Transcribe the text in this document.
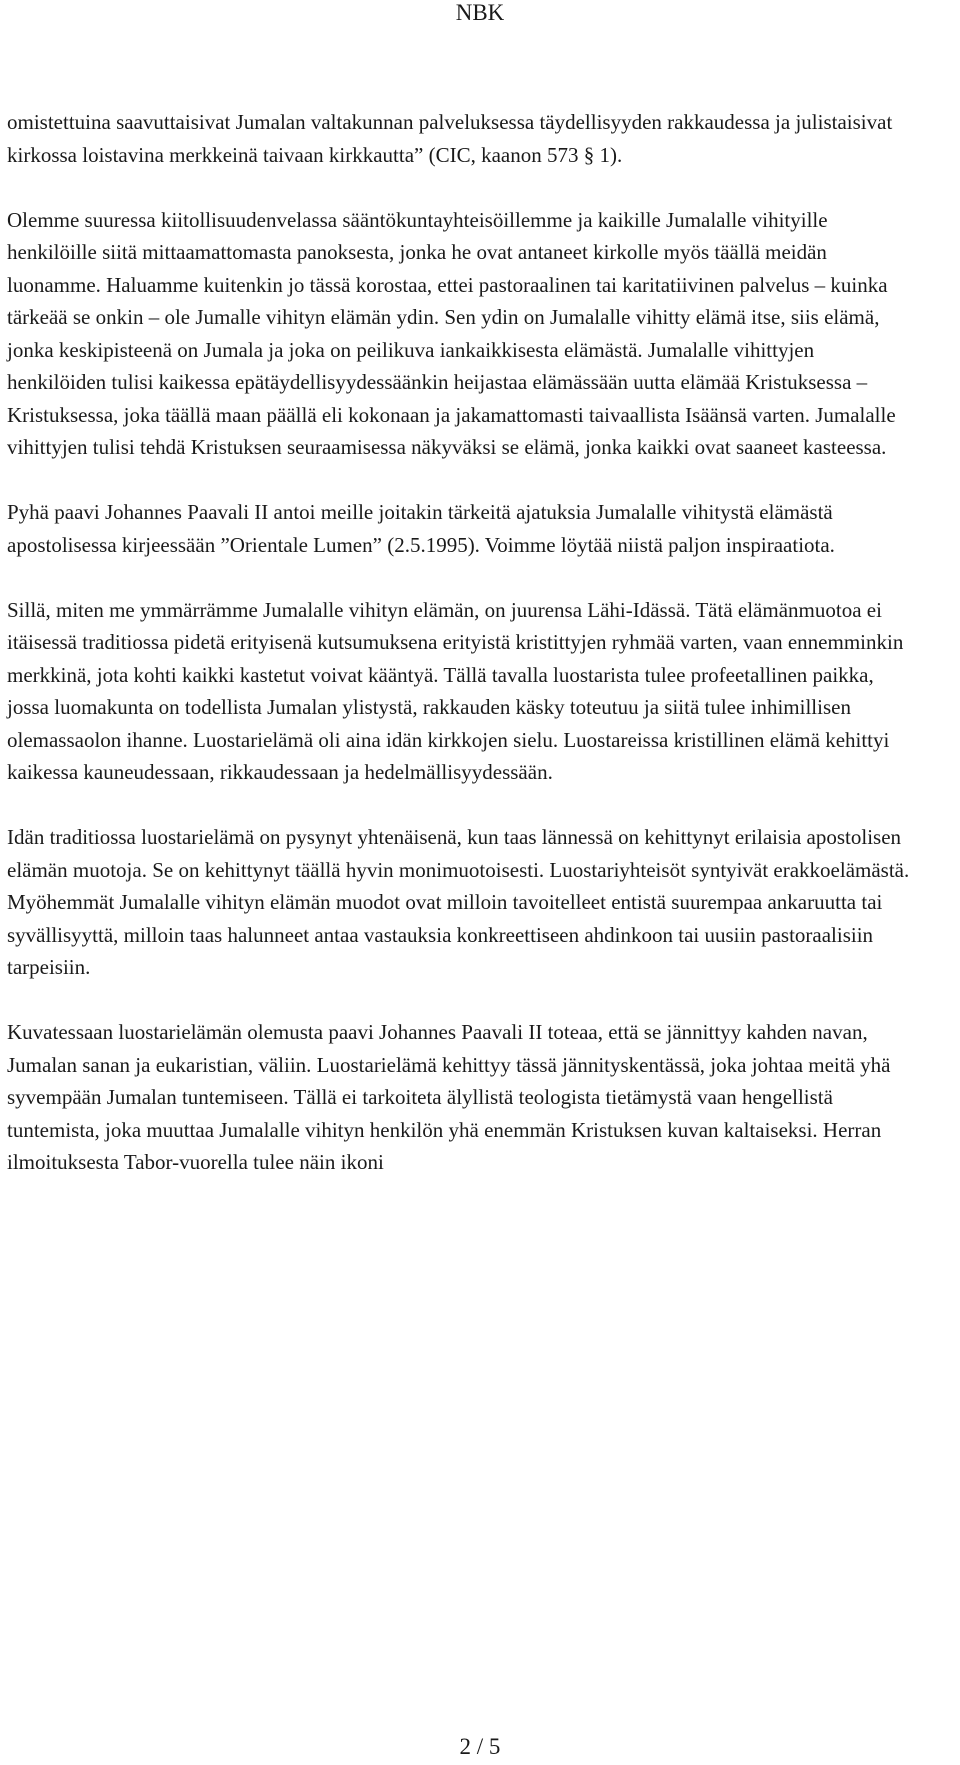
NBK

omistettuina saavuttaisivat Jumalan valtakunnan palveluksessa täydellisyyden rakkaudessa ja julistaisivat kirkossa loistavina merkkeinä taivaan kirkkautta” (CIC, kaanon 573 § 1).

Olemme suuressa kiitollisuudenvelassa sääntökuntayhteisöillemme ja kaikille Jumalalle vihityille henkilöille siitä mittaamattomasta panoksesta, jonka he ovat antaneet kirkolle myös täällä meidän luonamme. Haluamme kuitenkin jo tässä korostaa, ettei pastoraalinen tai karitatiivinen palvelus – kuinka tärkeää se onkin – ole Jumalle vihityn elämän ydin. Sen ydin on Jumalalle vihitty elämä itse, siis elämä, jonka keskipisteenä on Jumala ja joka on peilikuva iankaikkisesta elämästä. Jumalalle vihittyjen henkilöiden tulisi kaikessa epätäydellisyydessäänkin heijastaa elämässään uutta elämää Kristuksessa – Kristuksessa, joka täällä maan päällä eli kokonaan ja jakamattomasti taivaallista Isäänsä varten. Jumalalle vihittyjen tulisi tehdä Kristuksen seuraamisessa näkyväksi se elämä, jonka kaikki ovat saaneet kasteessa.

Pyhä paavi Johannes Paavali II antoi meille joitakin tärkeitä ajatuksia Jumalalle vihitystä elämästä apostolisessa kirjeessään ”Orientale Lumen” (2.5.1995). Voimme löytää niistä paljon inspiraatiota.

Sillä, miten me ymmärrämme Jumalalle vihityn elämän, on juurensa Lähi-Idässä. Tätä elämänmuotoa ei itäisessä traditiossa pidetä erityisenä kutsumuksena erityistä kristittyjen ryhmää varten, vaan ennemminkin merkkinä, jota kohti kaikki kastetut voivat kääntyä. Tällä tavalla luostarista tulee profeetallinen paikka, jossa luomakunta on todellista Jumalan ylistystä, rakkauden käsky toteutuu ja siitä tulee inhimillisen olemassaolon ihanne. Luostarielämä oli aina idän kirkkojen sielu. Luostareissa kristillinen elämä kehittyi kaikessa kauneudessaan, rikkaudessaan ja hedelmällisyydessään.

Idän traditiossa luostarielämä on pysynyt yhtenäisenä, kun taas lännessä on kehittynyt erilaisia apostolisen elämän muotoja. Se on kehittynyt täällä hyvin monimuotoisesti. Luostariyhteisöt syntyivät erakkoelämästä. Myöhemmät Jumalalle vihityn elämän muodot ovat milloin tavoitelleet entistä suurempaa ankaruutta tai syvällisyyttä, milloin taas halunneet antaa vastauksia konkreettiseen ahdinkoon tai uusiin pastoraalisiin tarpeisiin.

Kuvatessaan luostarielämän olemusta paavi Johannes Paavali II toteaa, että se jännittyy kahden navan, Jumalan sanan ja eukaristian, väliin. Luostarielämä kehittyy tässä jännityskentässä, joka johtaa meitä yhä syvempään Jumalan tuntemiseen. Tällä ei tarkoiteta älyllistä teologista tietämystä vaan hengellistä tuntemista, joka muuttaa Jumalalle vihityn henkilön yhä enemmän Kristuksen kuvan kaltaiseksi. Herran ilmoituksesta Tabor-vuorella tulee näin ikoni

2 / 5
